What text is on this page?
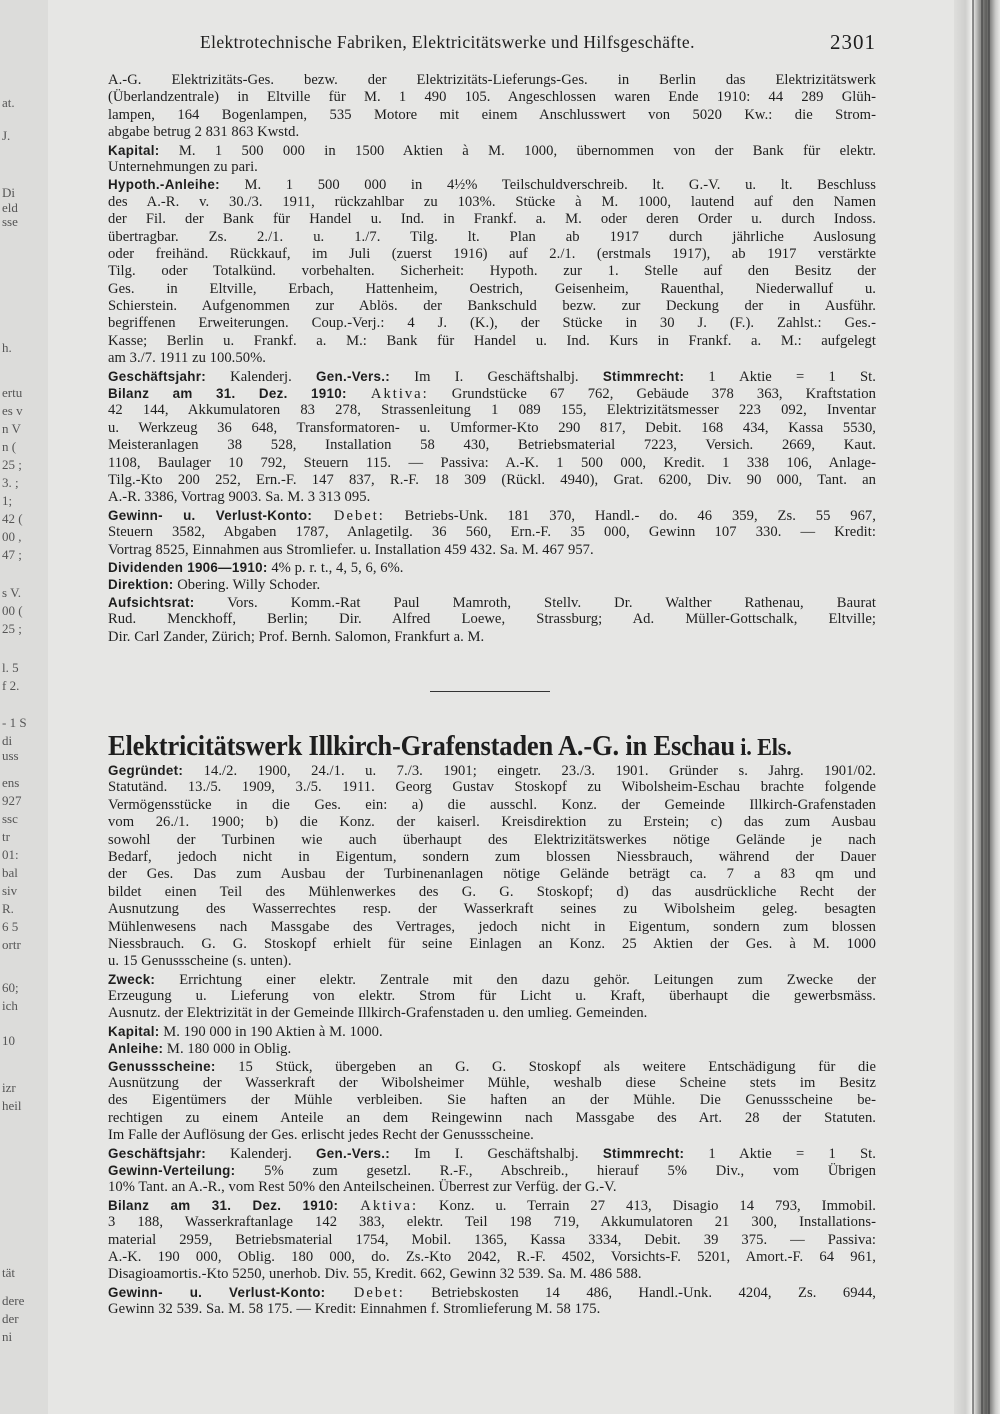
at.
J.
Di
eld
sse
h.
ertu
es v
n V
n (
25 ;
3. ;
1;
42 (
00 ,
47 ;
s V.
00 (
25 ;
l. 5
f 2.
- 1 S
di
uss
ens
927
ssc
tr
01:
bal
siv
R.
6 5
ortr
60;
ich
10
izr
heil
tät
dere
der
ni
Elektrotechnische Fabriken, Elektricitätswerke und Hilfsgeschäfte.	2301
A.-G. Elektrizitäts-Ges. bezw. der Elektrizitäts-Lieferungs-Ges. in Berlin das Elektrizitätswerk
(Überlandzentrale) in Eltville für M. 1 490 105. Angeschlossen waren Ende 1910: 44 289 Glüh-
lampen, 164 Bogenlampen, 535 Motore mit einem Anschlusswert von 5020 Kw.: die Strom-
abgabe betrug 2 831 863 Kwstd.
Kapital: M. 1 500 000 in 1500 Aktien à M. 1000, übernommen von der Bank für elektr.
Unternehmungen zu pari.
Hypoth.-Anleihe: M. 1 500 000 in 4½% Teilschuldverschreib. lt. G.-V. u. lt. Beschluss
des A.-R. v. 30./3. 1911, rückzahlbar zu 103%. Stücke à M. 1000, lautend auf den Namen
der Fil. der Bank für Handel u. Ind. in Frankf. a. M. oder deren Order u. durch Indoss.
übertragbar. Zs. 2./1. u. 1./7. Tilg. lt. Plan ab 1917 durch jährliche Auslosung
oder freihänd. Rückkauf, im Juli (zuerst 1916) auf 2./1. (erstmals 1917), ab 1917 verstärkte
Tilg. oder Totalkünd. vorbehalten. Sicherheit: Hypoth. zur 1. Stelle auf den Besitz der
Ges. in Eltville, Erbach, Hattenheim, Oestrich, Geisenheim, Rauenthal, Niederwalluf u.
Schierstein. Aufgenommen zur Ablös. der Bankschuld bezw. zur Deckung der in Ausführ.
begriffenen Erweiterungen. Coup.-Verj.: 4 J. (K.), der Stücke in 30 J. (F.). Zahlst.: Ges.-
Kasse; Berlin u. Frankf. a. M.: Bank für Handel u. Ind. Kurs in Frankf. a. M.: aufgelegt
am 3./7. 1911 zu 100.50%.
Geschäftsjahr: Kalenderj. Gen.-Vers.: Im I. Geschäftshalbj. Stimmrecht: 1 Aktie = 1 St.
Bilanz am 31. Dez. 1910: Aktiva: Grundstücke 67 762, Gebäude 378 363, Kraftstation
42 144, Akkumulatoren 83 278, Strassenleitung 1 089 155, Elektrizitätsmesser 223 092, Inventar
u. Werkzeug 36 648, Transformatoren- u. Umformer-Kto 290 817, Debit. 168 434, Kassa 5530,
Meisteranlagen 38 528, Installation 58 430, Betriebsmaterial 7223, Versich. 2669, Kaut.
1108, Baulager 10 792, Steuern 115. — Passiva: A.-K. 1 500 000, Kredit. 1 338 106, Anlage-
Tilg.-Kto 200 252, Ern.-F. 147 837, R.-F. 18 309 (Rückl. 4940), Grat. 6200, Div. 90 000, Tant. an
A.-R. 3386, Vortrag 9003. Sa. M. 3 313 095.
Gewinn- u. Verlust-Konto: Debet: Betriebs-Unk. 181 370, Handl.- do. 46 359, Zs. 55 967,
Steuern 3582, Abgaben 1787, Anlagetilg. 36 560, Ern.-F. 35 000, Gewinn 107 330. — Kredit:
Vortrag 8525, Einnahmen aus Stromliefer. u. Installation 459 432. Sa. M. 467 957.
Dividenden 1906—1910: 4% p. r. t., 4, 5, 6, 6%.
Direktion: Obering. Willy Schoder.
Aufsichtsrat: Vors. Komm.-Rat Paul Mamroth, Stellv. Dr. Walther Rathenau, Baurat
Rud. Menckhoff, Berlin; Dir. Alfred Loewe, Strassburg; Ad. Müller-Gottschalk, Eltville;
Dir. Carl Zander, Zürich; Prof. Bernh. Salomon, Frankfurt a. M.
Elektricitätswerk Illkirch-Grafenstaden A.-G. in Eschau i. Els.
Gegründet: 14./2. 1900, 24./1. u. 7./3. 1901; eingetr. 23./3. 1901. Gründer s. Jahrg. 1901/02.
Statutänd. 13./5. 1909, 3./5. 1911. Georg Gustav Stoskopf zu Wibolsheim-Eschau brachte folgende
Vermögensstücke in die Ges. ein: a) die ausschl. Konz. der Gemeinde Illkirch-Grafenstaden
vom 26./1. 1900; b) die Konz. der kaiserl. Kreisdirektion zu Erstein; c) das zum Ausbau
sowohl der Turbinen wie auch überhaupt des Elektrizitätswerkes nötige Gelände je nach
Bedarf, jedoch nicht in Eigentum, sondern zum blossen Niessbrauch, während der Dauer
der Ges. Das zum Ausbau der Turbinenanlagen nötige Gelände beträgt ca. 7 a 83 qm und
bildet einen Teil des Mühlenwerkes des G. G. Stoskopf; d) das ausdrückliche Recht der
Ausnutzung des Wasserrechtes resp. der Wasserkraft seines zu Wibolsheim geleg. besagten
Mühlenwesens nach Massgabe des Vertrages, jedoch nicht in Eigentum, sondern zum blossen
Niessbrauch. G. G. Stoskopf erhielt für seine Einlagen an Konz. 25 Aktien der Ges. à M. 1000
u. 15 Genussscheine (s. unten).
Zweck: Errichtung einer elektr. Zentrale mit den dazu gehör. Leitungen zum Zwecke der
Erzeugung u. Lieferung von elektr. Strom für Licht u. Kraft, überhaupt die gewerbsmäss.
Ausnutz. der Elektrizität in der Gemeinde Illkirch-Grafenstaden u. den umlieg. Gemeinden.
Kapital: M. 190 000 in 190 Aktien à M. 1000.
Anleihe: M. 180 000 in Oblig.
Genussscheine: 15 Stück, übergeben an G. G. Stoskopf als weitere Entschädigung für die
Ausnützung der Wasserkraft der Wibolsheimer Mühle, weshalb diese Scheine stets im Besitz
des Eigentümers der Mühle verbleiben. Sie haften an der Mühle. Die Genussscheine be-
rechtigen zu einem Anteile an dem Reingewinn nach Massgabe des Art. 28 der Statuten.
Im Falle der Auflösung der Ges. erlischt jedes Recht der Genussscheine.
Geschäftsjahr: Kalenderj. Gen.-Vers.: Im I. Geschäftshalbj. Stimmrecht: 1 Aktie = 1 St.
Gewinn-Verteilung: 5% zum gesetzl. R.-F., Abschreib., hierauf 5% Div., vom Übrigen
10% Tant. an A.-R., vom Rest 50% den Anteilscheinen. Überrest zur Verfüg. der G.-V.
Bilanz am 31. Dez. 1910: Aktiva: Konz. u. Terrain 27 413, Disagio 14 793, Immobil.
3 188, Wasserkraftanlage 142 383, elektr. Teil 198 719, Akkumulatoren 21 300, Installations-
material 2959, Betriebsmaterial 1754, Mobil. 1365, Kassa 3334, Debit. 39 375. — Passiva:
A.-K. 190 000, Oblig. 180 000, do. Zs.-Kto 2042, R.-F. 4502, Vorsichts-F. 5201, Amort.-F. 64 961,
Disagioamortis.-Kto 5250, unerhob. Div. 55, Kredit. 662, Gewinn 32 539. Sa. M. 486 588.
Gewinn- u. Verlust-Konto: Debet: Betriebskosten 14 486, Handl.-Unk. 4204, Zs. 6944,
Gewinn 32 539. Sa. M. 58 175. — Kredit: Einnahmen f. Stromlieferung M. 58 175.
